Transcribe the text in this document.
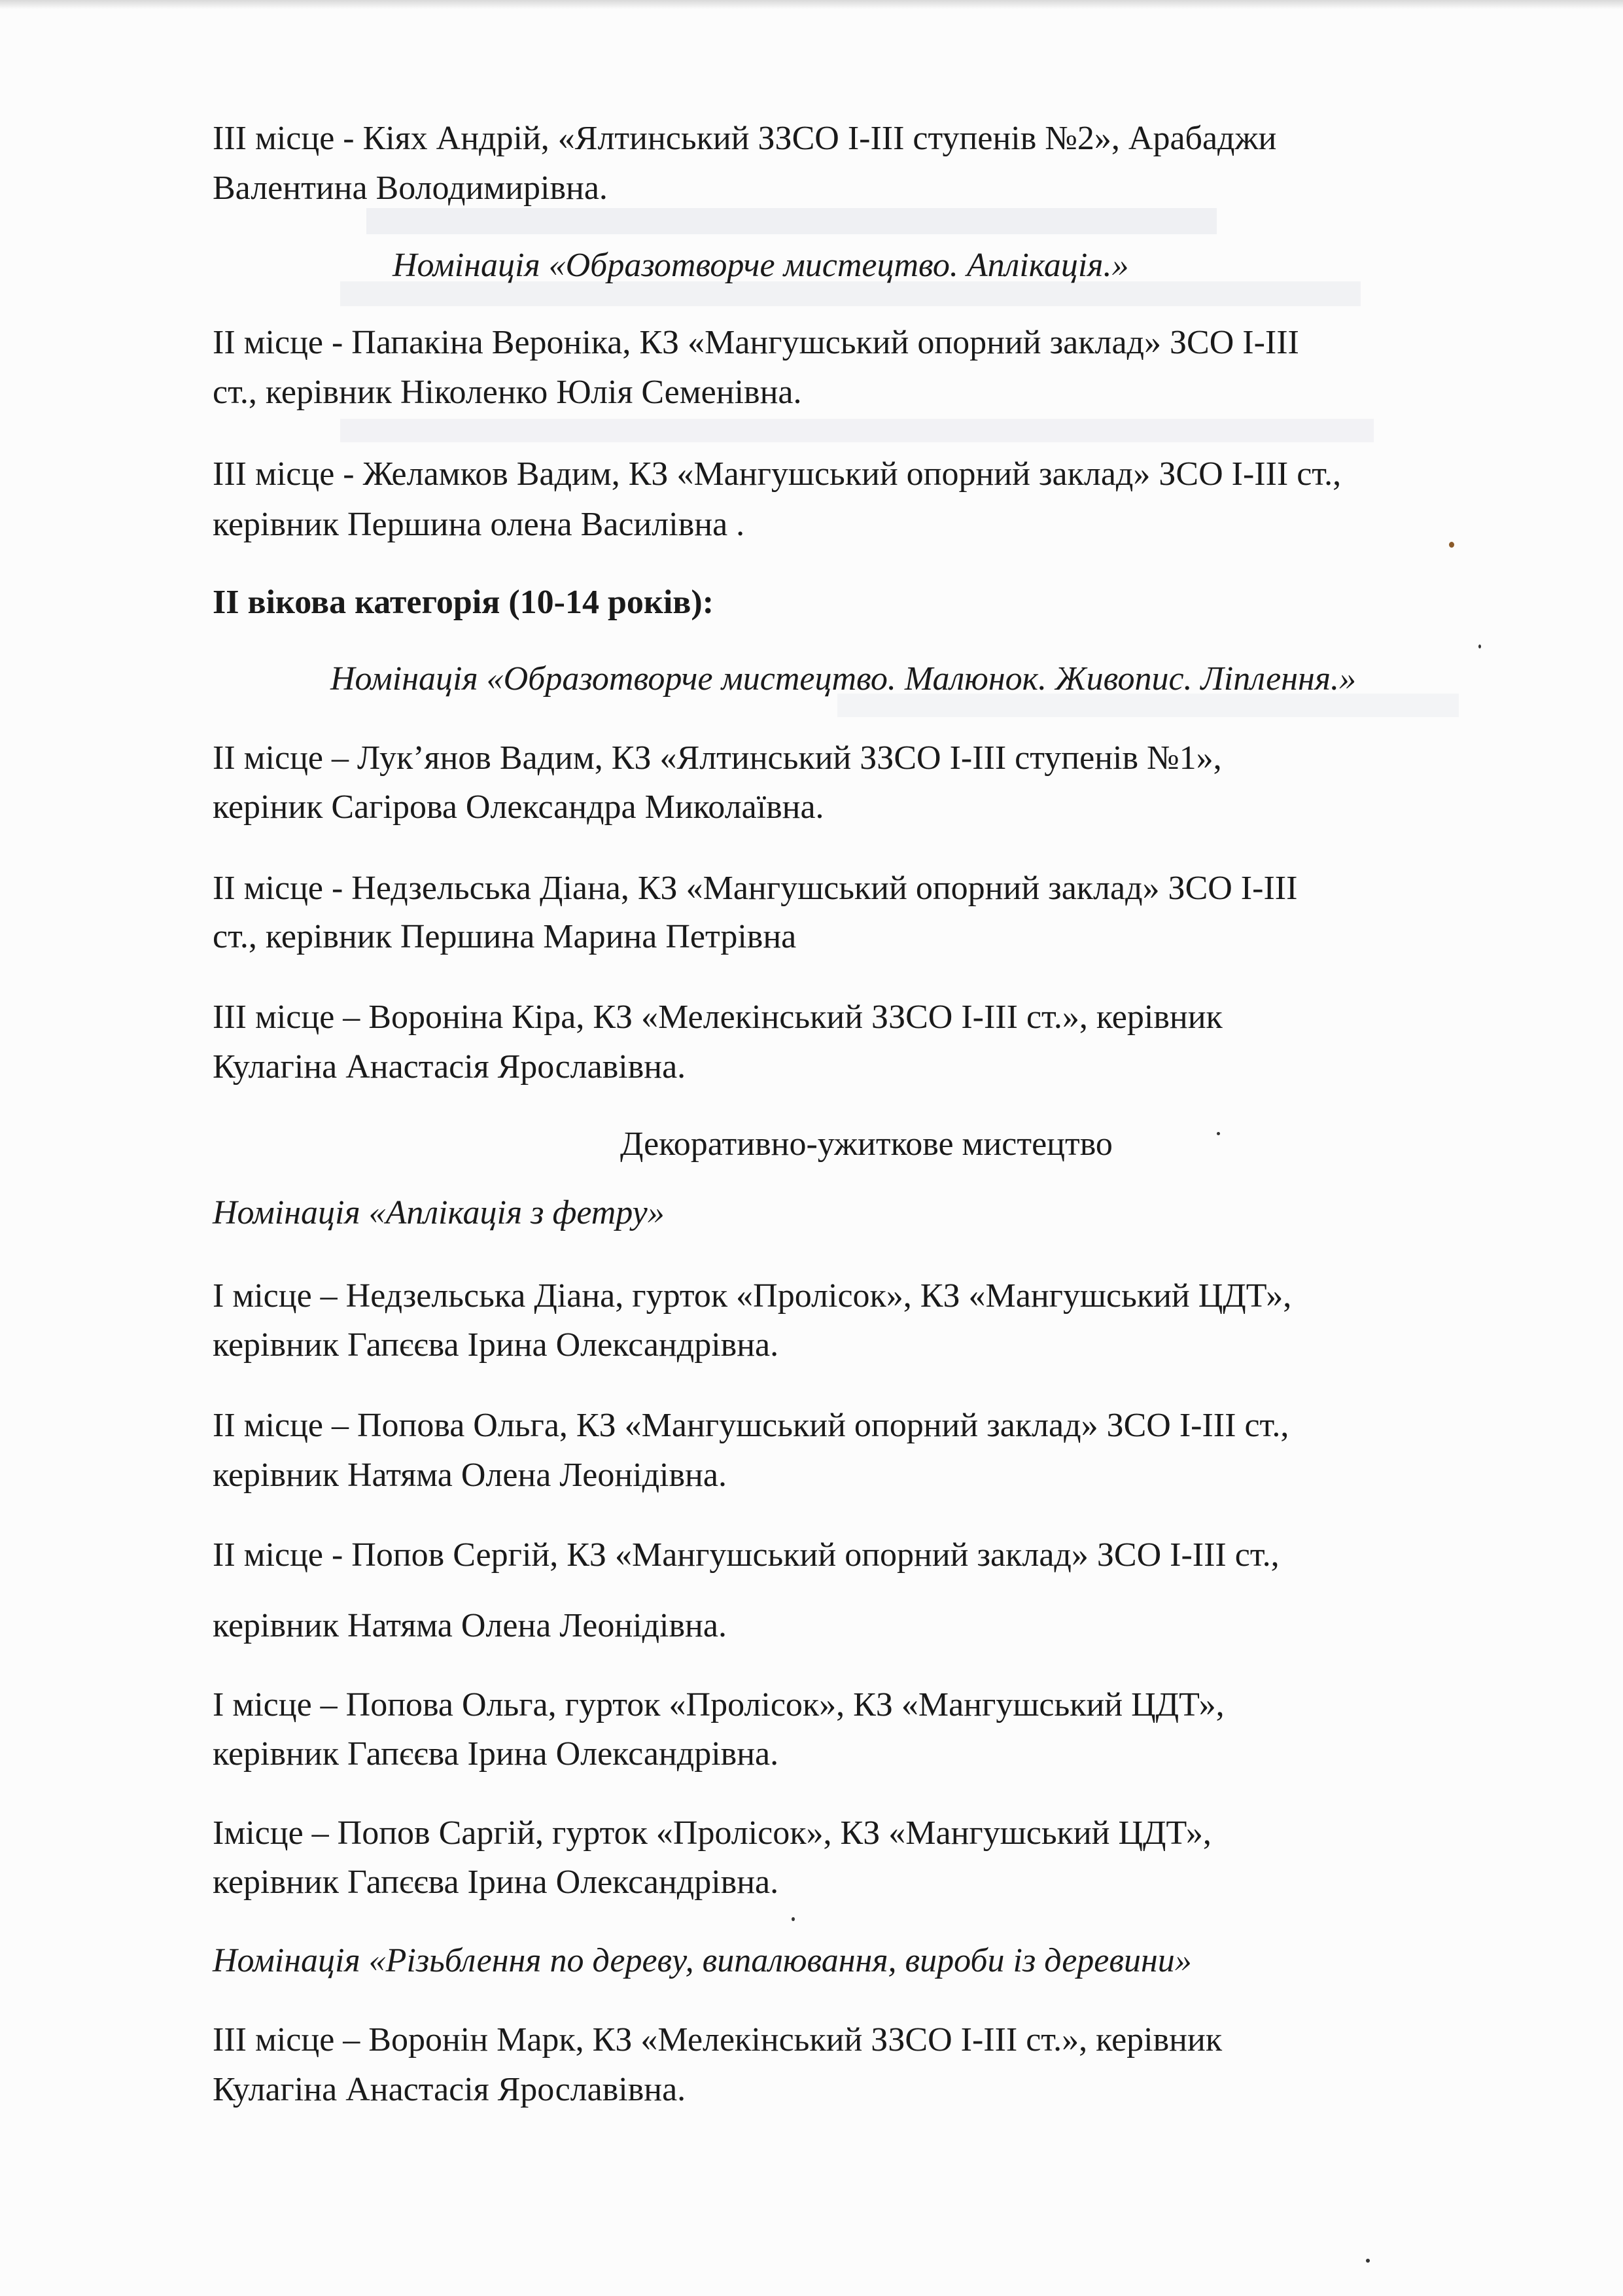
ІІІ місце - Кіях Андрій, «Ялтинський ЗЗСО І-ІІІ ступенів №2», Арабаджи

Валентина Володимирівна.

Номінація «Образотворче мистецтво. Аплікація.»

ІІ місце - Папакіна Вероніка, КЗ «Мангушський опорний заклад» ЗСО І-ІІІ

ст., керівник Ніколенко Юлія Семенівна.

ІІІ місце - Желамков Вадим, КЗ «Мангушський опорний заклад» ЗСО І-ІІІ ст.,

керівник Першина олена Василівна .

ІІ вікова категорія (10-14 років):

Номінація «Образотворче мистецтво. Малюнок. Живопис. Ліплення.»

ІІ місце – Лук’янов Вадим, КЗ «Ялтинський ЗЗСО І-ІІІ ступенів №1»,

керіник Сагірова Олександра Миколаївна.

ІІ місце - Недзельська Діана, КЗ «Мангушський опорний заклад» ЗСО І-ІІІ

ст., керівник Першина Марина Петрівна

ІІІ місце – Вороніна Кіра, КЗ «Мелекінський ЗЗСО І-ІІІ ст.», керівник

Кулагіна Анастасія Ярославівна.

Декоративно-ужиткове мистецтво

Номінація «Аплікація з фетру»

І місце – Недзельська Діана, гурток «Пролісок», КЗ «Мангушський ЦДТ»,

керівник Гапєєва Ірина Олександрівна.

ІІ місце – Попова Ольга, КЗ «Мангушський опорний заклад» ЗСО І-ІІІ ст.,

керівник Натяма Олена Леонідівна.

ІІ місце - Попов Сергій, КЗ «Мангушський опорний заклад» ЗСО І-ІІІ ст.,

керівник Натяма Олена Леонідівна.

І місце – Попова Ольга, гурток «Пролісок», КЗ «Мангушський ЦДТ»,

керівник Гапєєва Ірина Олександрівна.

Імісце – Попов Саргій, гурток «Пролісок», КЗ «Мангушський ЦДТ»,

керівник Гапєєва Ірина Олександрівна.

Номінація «Різьблення по дереву, випалювання, вироби із деревини»

ІІІ місце – Воронін Марк, КЗ «Мелекінський ЗЗСО І-ІІІ ст.», керівник

Кулагіна Анастасія Ярославівна.
